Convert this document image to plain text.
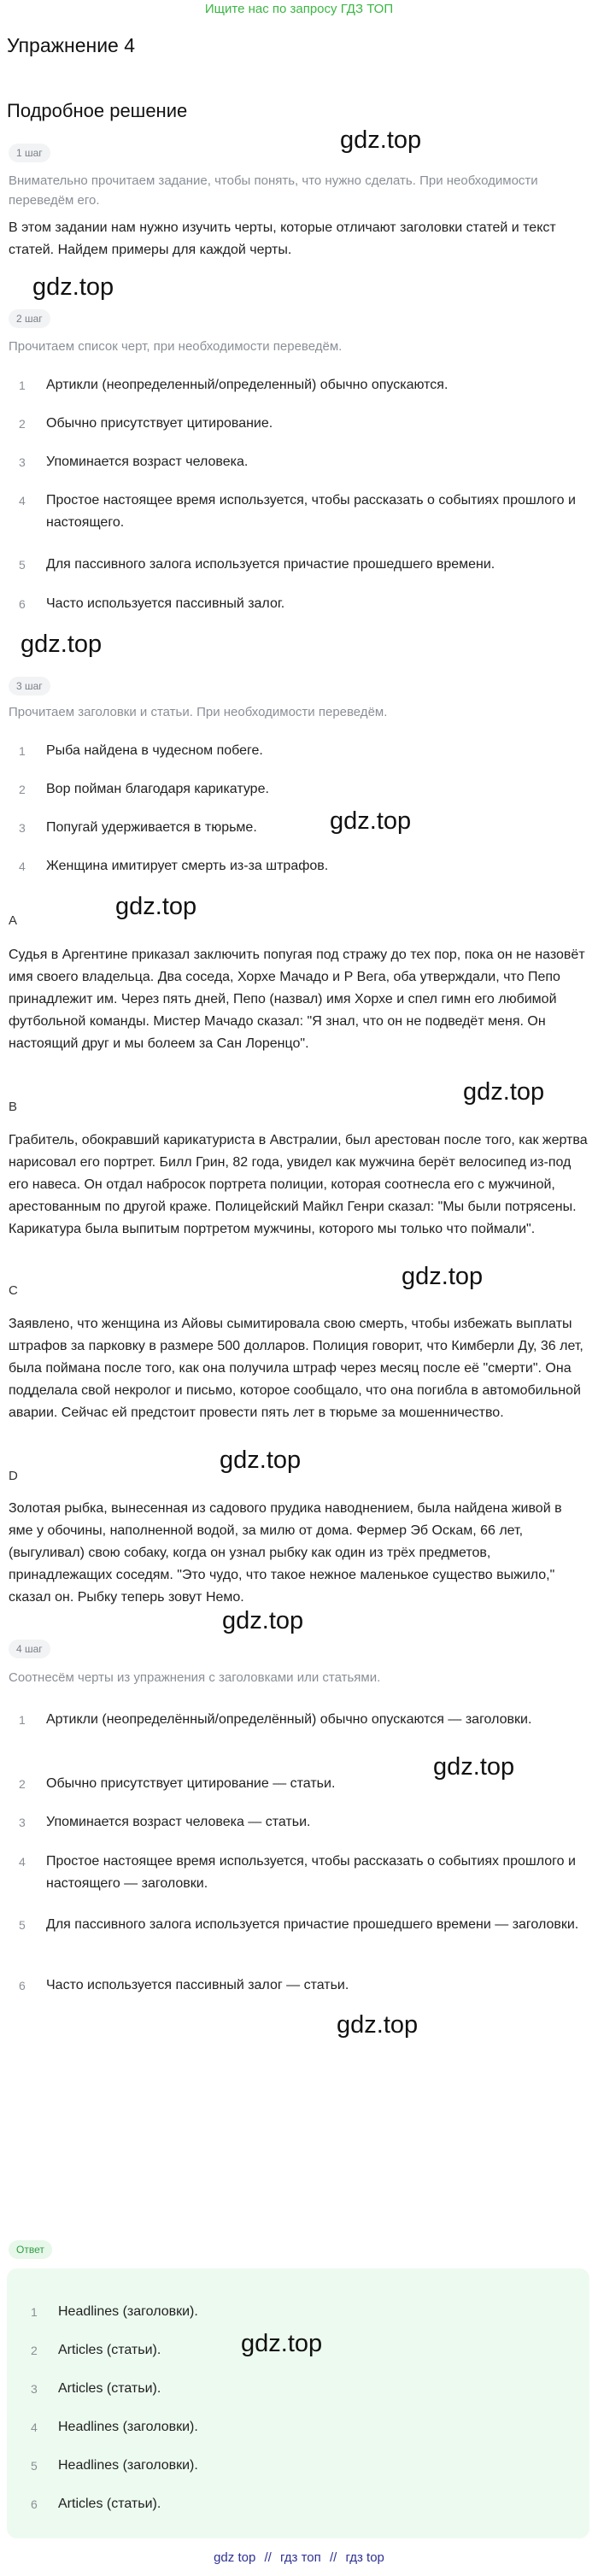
Ищите нас по запросу ГДЗ ТОП
Упражнение 4
Подробное решение
1 шаг
Внимательно прочитаем задание, чтобы понять, что нужно сделать. При необходимости переведём его.
В этом задании нам нужно изучить черты, которые отличают заголовки статей и текст статей. Найдем примеры для каждой черты.
2 шаг
Прочитаем список черт, при необходимости переведём.
1	Артикли (неопределенный/определенный) обычно опускаются.
2	Обычно присутствует цитирование.
3	Упоминается возраст человека.
4	Простое настоящее время используется, чтобы рассказать о событиях прошлого и настоящего.
5	Для пассивного залога используется причастие прошедшего времени.
6	Часто используется пассивный залог.
3 шаг
Прочитаем заголовки и статьи. При необходимости переведём.
1	Рыба найдена в чудесном побеге.
2	Вор пойман благодаря карикатуре.
3	Попугай удерживается в тюрьме.
4	Женщина имитирует смерть из-за штрафов.
A
Судья в Аргентине приказал заключить попугая под стражу до тех пор, пока он не назовёт имя своего владельца. Два соседа, Хорхе Мачадо и Р Вега, оба утверждали, что Пепо принадлежит им. Через пять дней, Пепо (назвал) имя Хорхе и спел гимн его любимой футбольной команды. Мистер Мачадо сказал: "Я знал, что он не подведёт меня. Он настоящий друг и мы болеем за Сан Лоренцо".
B
Грабитель, обокравший карикатуриста в Австралии, был арестован после того, как жертва нарисовал его портрет. Билл Грин, 82 года, увидел как мужчина берёт велосипед из-под его навеса. Он отдал набросок портрета полиции, которая соотнесла его с мужчиной, арестованным по другой краже. Полицейский Майкл Генри сказал: "Мы были потрясены. Карикатура была выпитым портретом мужчины, которого мы только что поймали".
C
Заявлено, что женщина из Айовы сымитировала свою смерть, чтобы избежать выплаты штрафов за парковку в размере 500 долларов. Полиция говорит, что Кимберли Ду, 36 лет, была поймана после того, как она получила штраф через месяц после её "смерти". Она подделала свой некролог и письмо, которое сообщало, что она погибла в автомобильной аварии. Сейчас ей предстоит провести пять лет в тюрьме за мошенничество.
D
Золотая рыбка, вынесенная из садового прудика наводнением, была найдена живой в яме у обочины, наполненной водой, за милю от дома. Фермер Эб Оскам, 66 лет, (выгуливал) свою собаку, когда он узнал рыбку как один из трёх предметов, принадлежащих соседям. "Это чудо, что такое нежное маленькое существо выжило," сказал он. Рыбку теперь зовут Немо.
4 шаг
Соотнесём черты из упражнения с заголовками или статьями.
1	Артикли (неопределённый/определённый) обычно опускаются — заголовки.
2	Обычно присутствует цитирование — статьи.
3	Упоминается возраст человека — статьи.
4	Простое настоящее время используется, чтобы рассказать о событиях прошлого и настоящего — заголовки.
5	Для пассивного залога используется причастие прошедшего времени — заголовки.
6	Часто используется пассивный залог — статьи.
Ответ
1	Headlines (заголовки).
2	Articles (статьи).
3	Articles (статьи).
4	Headlines (заголовки).
5	Headlines (заголовки).
6	Articles (статьи).
gdz.top
gdz.top
gdz.top
gdz.top
gdz.top
gdz.top
gdz.top
gdz.top
gdz.top
gdz.top
gdz.top
gdz.top
gdz top // гдз топ // гдз top
